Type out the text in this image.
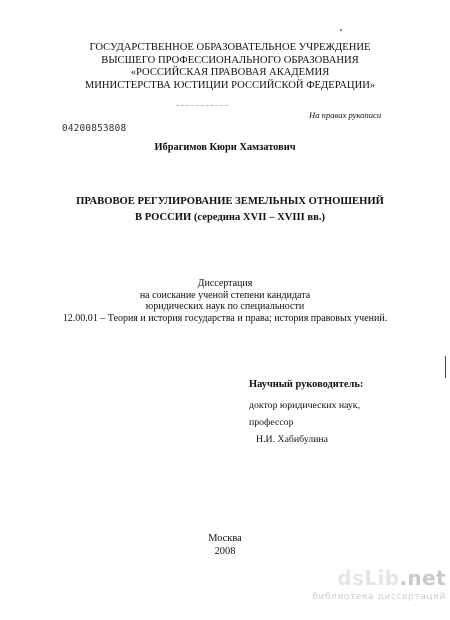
ГОСУДАРСТВЕННОЕ ОБРАЗОВАТЕЛЬНОЕ УЧРЕЖДЕНИЕ
ВЫСШЕГО ПРОФЕССИОНАЛЬНОГО ОБРАЗОВАНИЯ
«РОССИЙСКАЯ ПРАВОВАЯ АКАДЕМИЯ
МИНИСТЕРСТВА ЮСТИЦИИ РОССИЙСКОЙ ФЕДЕРАЦИИ»
На правах рукописи
04200853808
Ибрагимов Кюри Хамзатович
ПРАВОВОЕ РЕГУЛИРОВАНИЕ ЗЕМЕЛЬНЫХ ОТНОШЕНИЙ
В РОССИИ (середина XVII – XVIII вв.)
Диссертация
на соискание ученой степени кандидата
юридических наук по специальности
12.00.01 – Теория и история государства и права; история правовых учений.
Научный руководитель:
доктор юридических наук,
профессор
Н.И. Хабибулина
Москва
2008
dsLib.net
библиотека диссертаций
